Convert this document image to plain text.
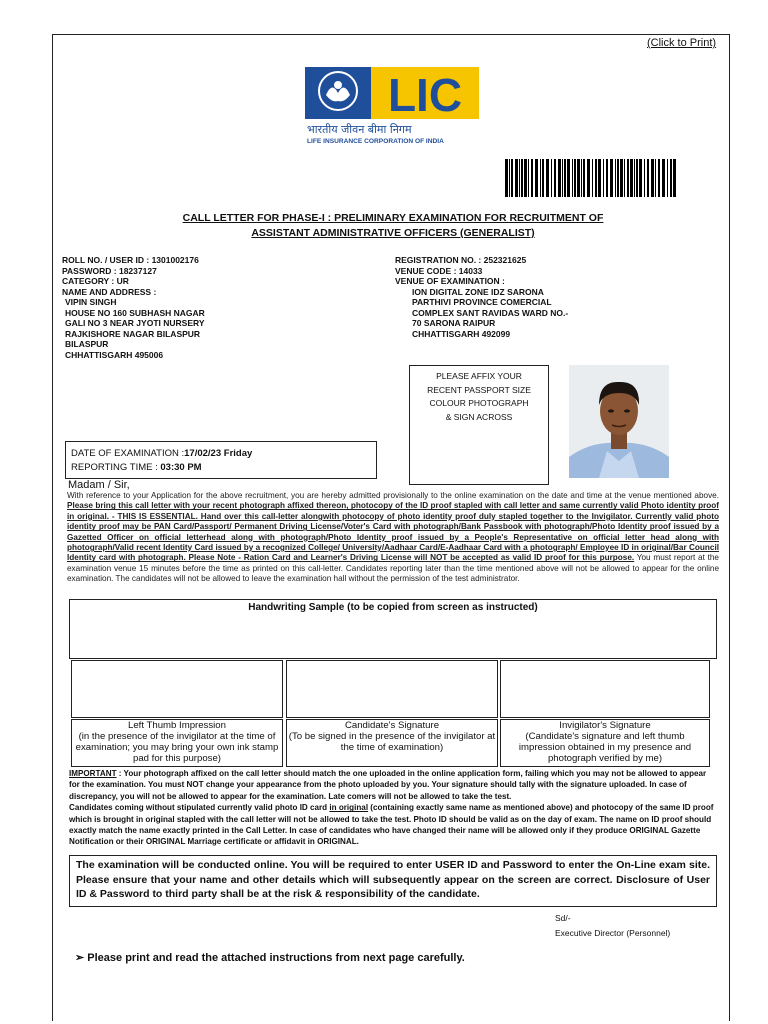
(Click to Print)
LIC
भारतीय जीवन बीमा निगम
LIFE INSURANCE CORPORATION OF INDIA
CALL LETTER FOR PHASE-I : PRELIMINARY EXAMINATION FOR RECRUITMENT OF
ASSISTANT ADMINISTRATIVE OFFICERS (GENERALIST)
ROLL NO. / USER ID : 1301002176
PASSWORD : 18237127
CATEGORY : UR
NAME AND ADDRESS :
VIPIN SINGH
HOUSE NO 160 SUBHASH NAGAR
GALI NO 3 NEAR JYOTI NURSERY
RAJKISHORE NAGAR BILASPUR
BILASPUR
CHHATTISGARH 495006
REGISTRATION NO. : 252321625
VENUE CODE : 14033
VENUE OF EXAMINATION :
ION DIGITAL ZONE IDZ SARONA
PARTHIVI PROVINCE COMERCIAL
COMPLEX SANT RAVIDAS WARD NO.-
70 SARONA RAIPUR
CHHATTISGARH 492099
PLEASE AFFIX YOUR
RECENT PASSPORT SIZE
COLOUR PHOTOGRAPH
& SIGN ACROSS
DATE OF EXAMINATION :17/02/23 Friday
REPORTING TIME : 03:30 PM
Madam / Sir,
With reference to your Application for the above recruitment, you are hereby admitted provisionally to the online examination on the date and time at the venue mentioned above. Please bring this call letter with your recent photograph affixed thereon, photocopy of the ID proof stapled with call letter and same currently valid Photo identity proof in original. - THIS IS ESSENTIAL. Hand over this call-letter alongwith photocopy of photo identity proof duly stapled together to the Invigilator. Currently valid photo identity proof may be PAN Card/Passport/ Permanent Driving License/Voter's Card with photograph/Bank Passbook with photograph/Photo Identity proof issued by a Gazetted Officer on official letterhead along with photograph/Photo Identity proof issued by a People's Representative on official letter head along with photograph/Valid recent Identity Card issued by a recognized College/ University/Aadhaar Card/E-Aadhaar Card with a photograph/ Employee ID in original/Bar Council Identity card with photograph. Please Note - Ration Card and Learner's Driving License will NOT be accepted as valid ID proof for this purpose. You must report at the examination venue 15 minutes before the time as printed on this call-letter. Candidates reporting later than the time mentioned above will not be allowed to appear for the online examination. The candidates will not be allowed to leave the examination hall without the permission of the test administrator.
Handwriting Sample (to be copied from screen as instructed)
Left Thumb Impression
(in the presence of the invigilator at the time of examination; you may bring your own ink stamp pad for this purpose)
Candidate's Signature
(To be signed in the presence of the invigilator at the time of examination)
Invigilator's Signature
(Candidate's signature and left thumb impression obtained in my presence and photograph verified by me)
IMPORTANT : Your photograph affixed on the call letter should match the one uploaded in the online application form, failing which you may not be allowed to appear for the examination. You must NOT change your appearance from the photo uploaded by you. Your signature should tally with the signature uploaded. In case of discrepancy, you will not be allowed to appear for the examination. Late comers will not be allowed to take the test.
Candidates coming without stipulated currently valid photo ID card in original (containing exactly same name as mentioned above) and photocopy of the same ID proof which is brought in original stapled with the call letter will not be allowed to take the test. Photo ID should be valid as on the day of exam. The name on ID proof should exactly match the name exactly printed in the Call Letter. In case of candidates who have changed their name will be allowed only if they produce ORIGINAL Gazette Notification or their ORIGINAL Marriage certificate or affidavit in ORIGINAL.
The examination will be conducted online. You will be required to enter USER ID and Password to enter the On-Line exam site. Please ensure that your name and other details which will subsequently appear on the screen are correct. Disclosure of User ID & Password to third party shall be at the risk & responsibility of the candidate.
Sd/-
Executive Director (Personnel)
➢ Please print and read the attached instructions from next page carefully.
